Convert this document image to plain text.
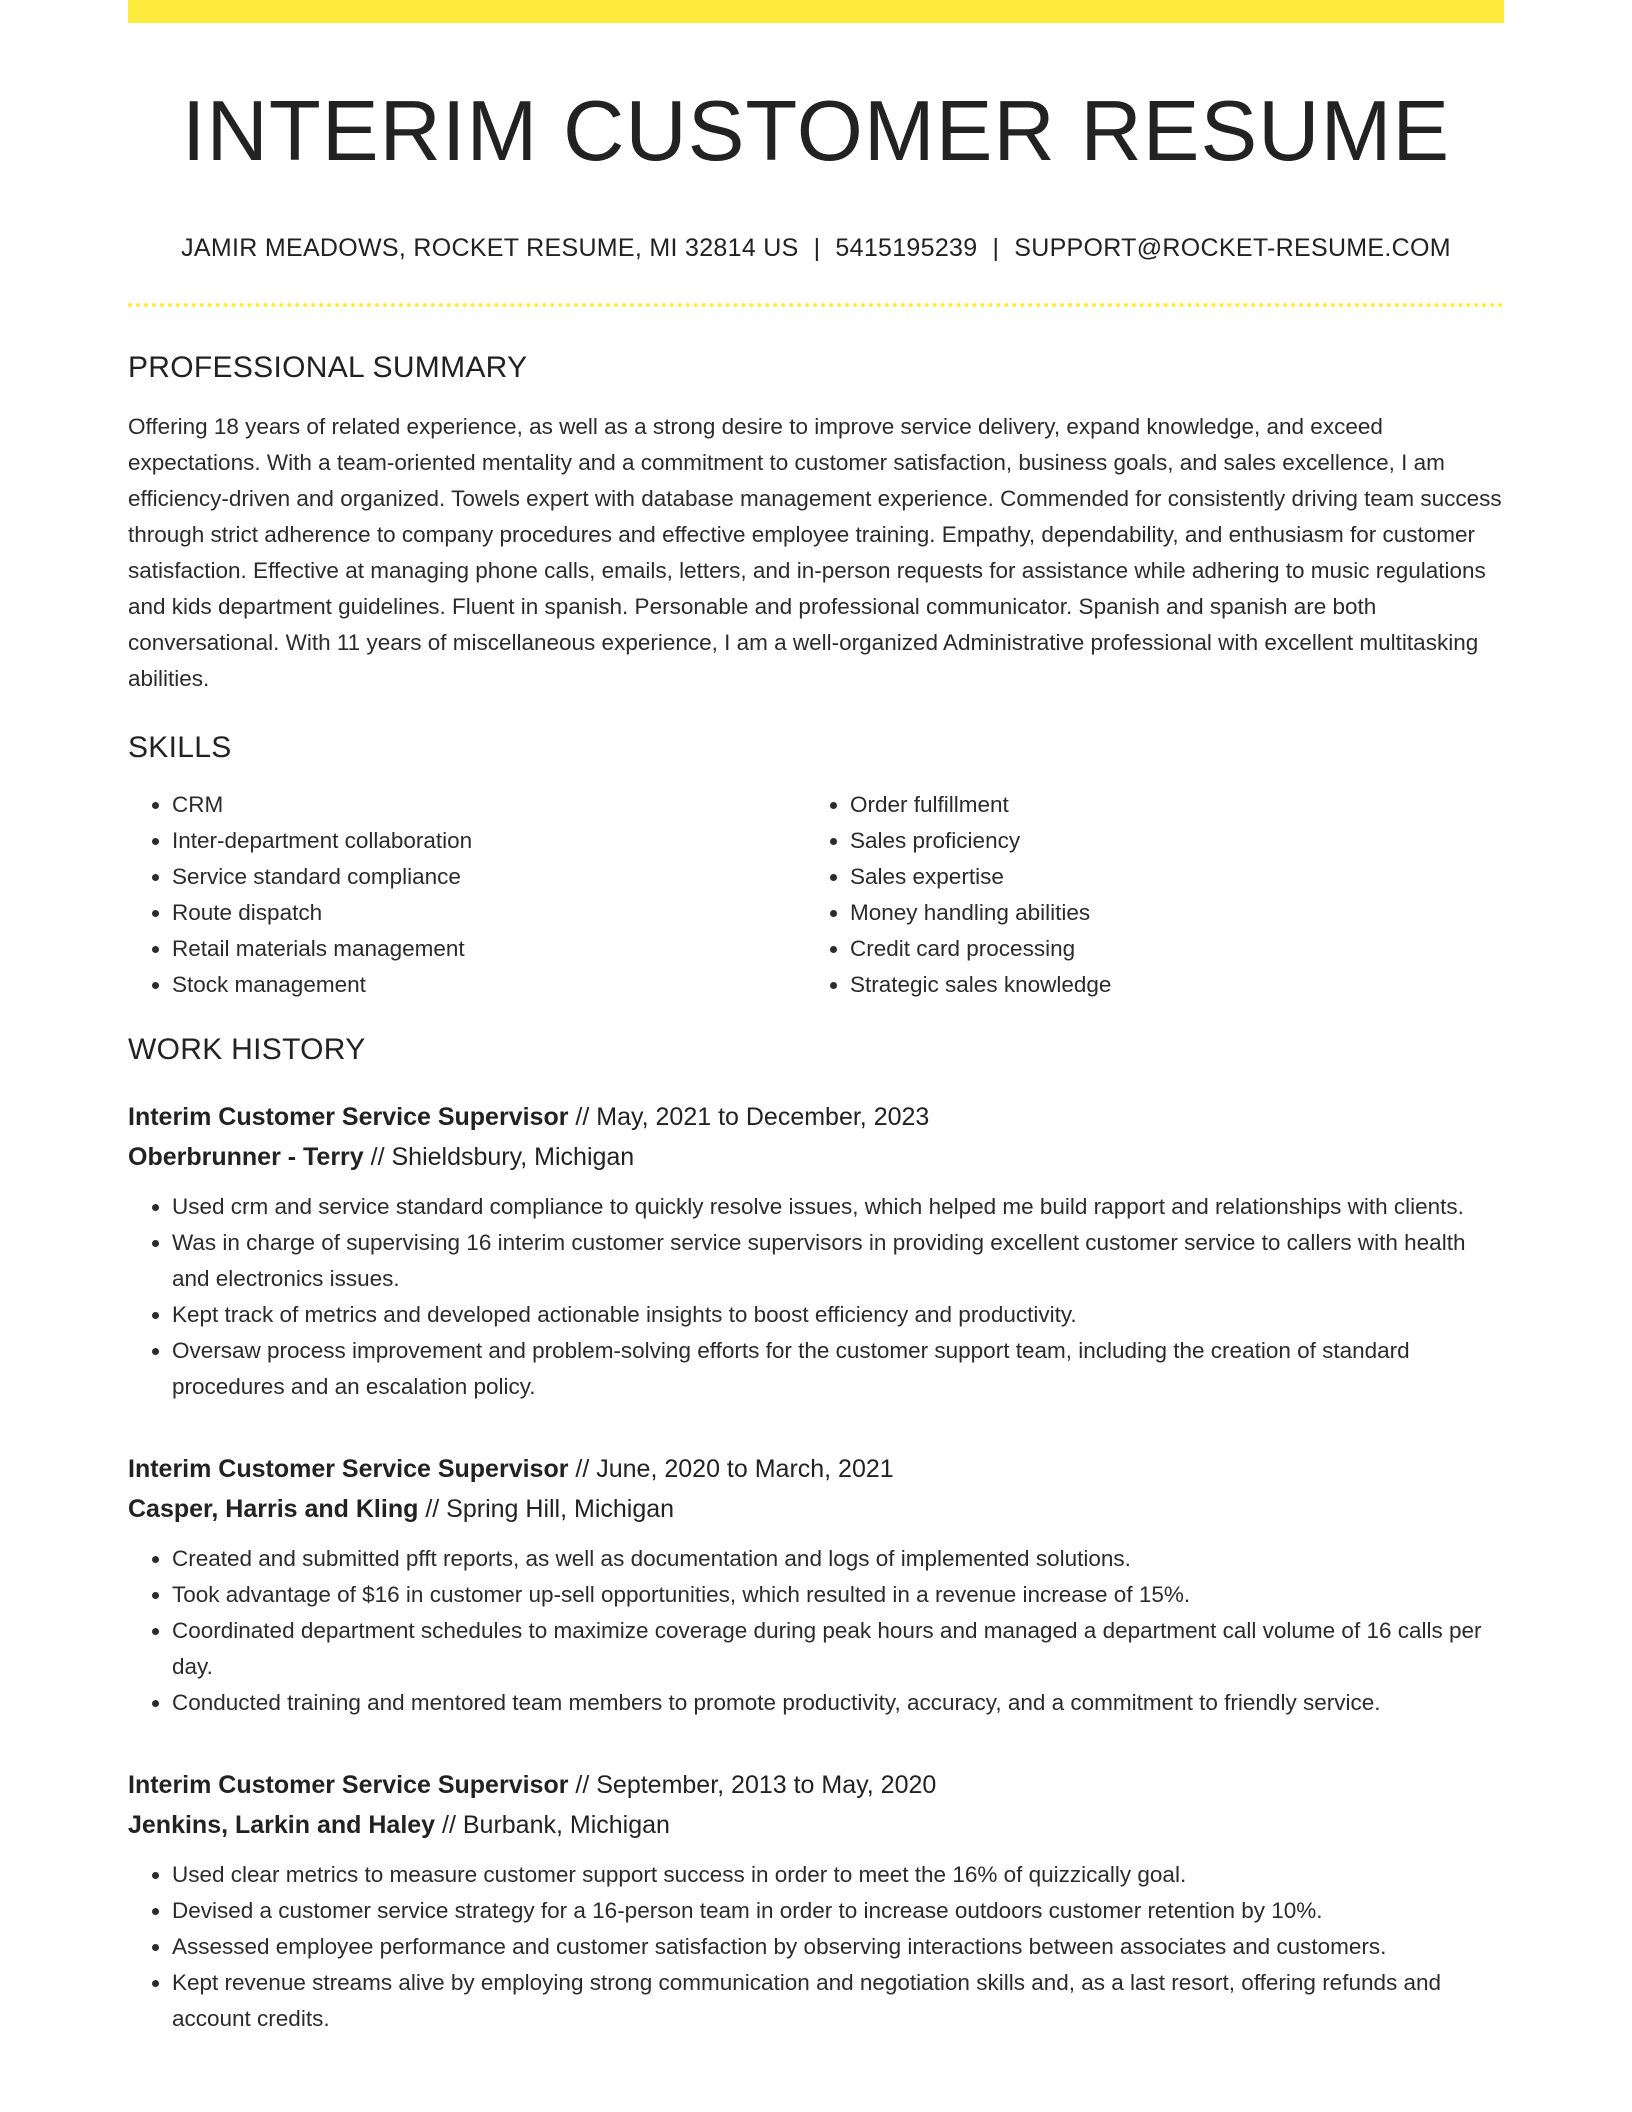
INTERIM CUSTOMER RESUME
JAMIR MEADOWS, ROCKET RESUME, MI 32814 US | 5415195239 | SUPPORT@ROCKET-RESUME.COM
PROFESSIONAL SUMMARY

Offering 18 years of related experience, as well as a strong desire to improve service delivery, expand knowledge, and exceed expectations. With a team-oriented mentality and a commitment to customer satisfaction, business goals, and sales excellence, I am efficiency-driven and organized. Towels expert with database management experience. Commended for consistently driving team success through strict adherence to company procedures and effective employee training. Empathy, dependability, and enthusiasm for customer satisfaction. Effective at managing phone calls, emails, letters, and in-person requests for assistance while adhering to music regulations and kids department guidelines. Fluent in spanish. Personable and professional communicator. Spanish and spanish are both conversational. With 11 years of miscellaneous experience, I am a well-organized Administrative professional with excellent multitasking abilities.

SKILLS
• CRM
• Inter-department collaboration
• Service standard compliance
• Route dispatch
• Retail materials management
• Stock management
• Order fulfillment
• Sales proficiency
• Sales expertise
• Money handling abilities
• Credit card processing
• Strategic sales knowledge
WORK HISTORY
Interim Customer Service Supervisor // May, 2021 to December, 2023
Oberbrunner - Terry // Shieldsbury, Michigan
• Used crm and service standard compliance to quickly resolve issues, which helped me build rapport and relationships with clients.
• Was in charge of supervising 16 interim customer service supervisors in providing excellent customer service to callers with health and electronics issues.
• Kept track of metrics and developed actionable insights to boost efficiency and productivity.
• Oversaw process improvement and problem-solving efforts for the customer support team, including the creation of standard procedures and an escalation policy.
Interim Customer Service Supervisor // June, 2020 to March, 2021
Casper, Harris and Kling // Spring Hill, Michigan
• Created and submitted pfft reports, as well as documentation and logs of implemented solutions.
• Took advantage of $16 in customer up-sell opportunities, which resulted in a revenue increase of 15%.
• Coordinated department schedules to maximize coverage during peak hours and managed a department call volume of 16 calls per day.
• Conducted training and mentored team members to promote productivity, accuracy, and a commitment to friendly service.
Interim Customer Service Supervisor // September, 2013 to May, 2020
Jenkins, Larkin and Haley // Burbank, Michigan
• Used clear metrics to measure customer support success in order to meet the 16% of quizzically goal.
• Devised a customer service strategy for a 16-person team in order to increase outdoors customer retention by 10%.
• Assessed employee performance and customer satisfaction by observing interactions between associates and customers.
• Kept revenue streams alive by employing strong communication and negotiation skills and, as a last resort, offering refunds and account credits.
